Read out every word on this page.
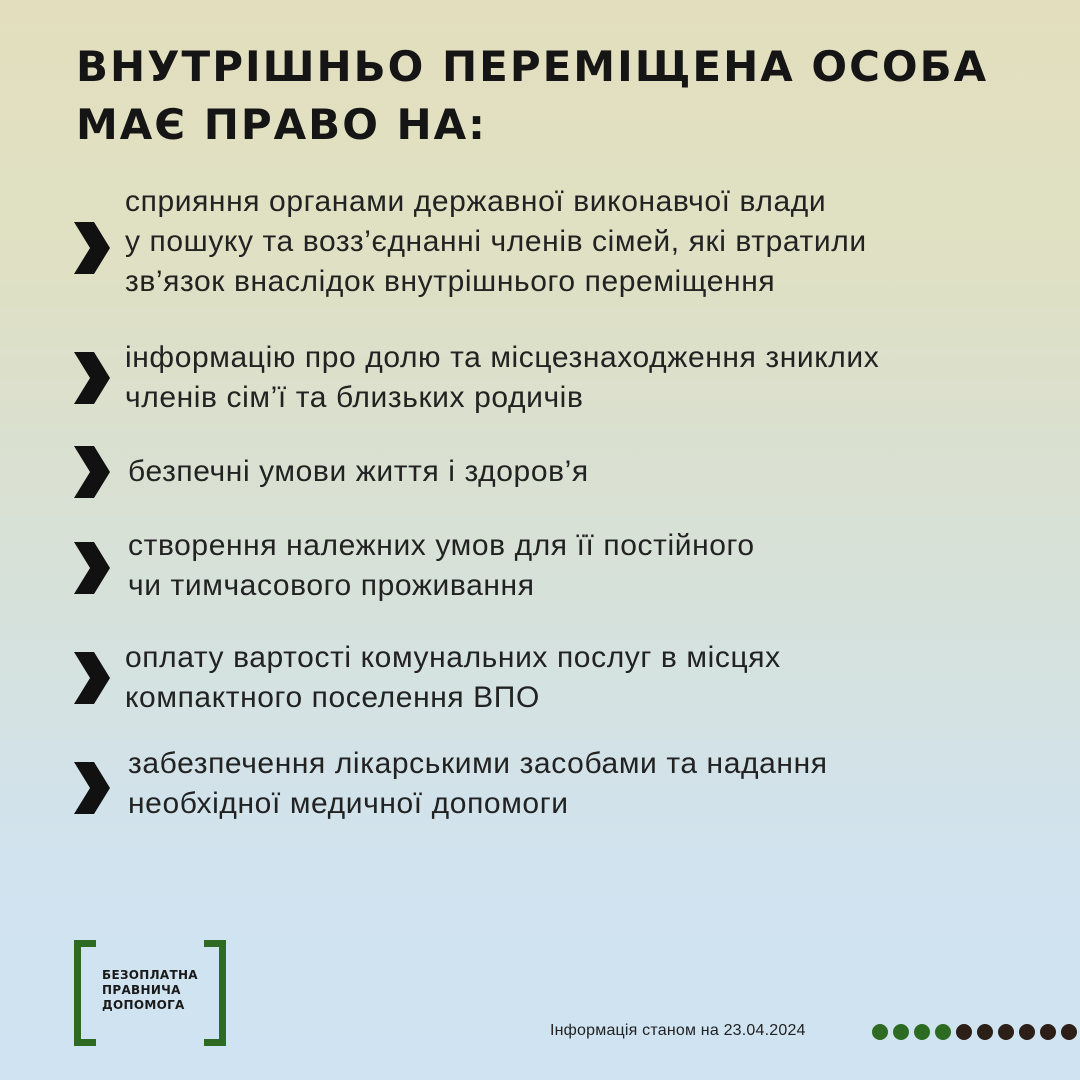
ВНУТРІШНЬО ПЕРЕМІЩЕНА ОСОБА
МАЄ ПРАВО НА:

сприяння органами державної виконавчої влади
у пошуку та возз’єднанні членів сімей, які втратили
зв’язок внаслідок внутрішнього переміщення

інформацію про долю та місцезнаходження зниклих
членів сім’ї та близьких родичів

безпечні умови життя і здоров’я

створення належних умов для її постійного
чи тимчасового проживання

оплату вартості комунальних послуг в місцях
компактного поселення ВПО

забезпечення лікарськими засобами та надання
необхідної медичної допомоги

БЕЗОПЛАТНА
ПРАВНИЧА
ДОПОМОГА
Інформація станом на 23.04.2024
